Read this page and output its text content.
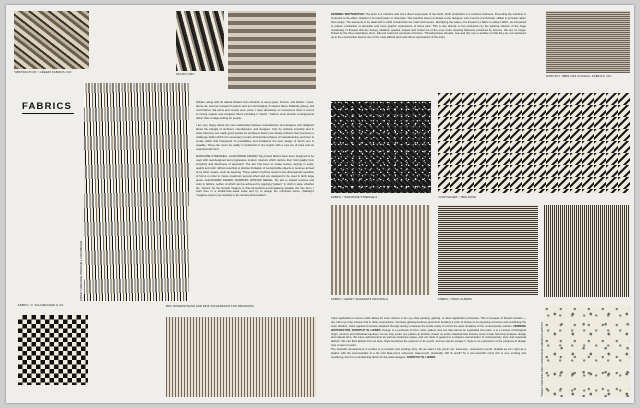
"ABSTRACTION" / GREEFF FABRICS, INC.
PACIFIC MAT
HENNING WATTERSTON: The loom is a machine and not a direct expression of the hand. Cloth production is a machine business. Preceding the machine is irrelevant to the effect, whether it be hand power or otherwise. The machine does not dictate to the designer, who must be a technician, skilled in principle rather than recipe. The elements to be dealt with in cloth construction are color and texture. Identifying the nature of a thread in a fabric is today's fabric, as compared to pattern production of domestic and more graphic expressions of times past. This is due directly to the production by the adoring industry of the huge vocabulary of threads that are bumpy, slubbed, seeded, looped and curled out of the even more weaving filaments produced by science. We are no longer limited by the three strandless, linen, silk and cotton for elements of texture. Throwing these threads, new and old, over a surface so that they are not sectioned up in the construction itself is one of the most difficult and most direct expressions of the loom.
DOROTHY JIBBS FOR GOODALL FABRICS, INC.
FABRICS
FABRIC / MARIANNE STRENGELL / CRANBROOK
brilliant, along with all natural shades from off-white to deep grays, browns, and blacks. I want, above all, textures instead of pattern and an intermingling of various fibers brilliantly glossy, dull mat finishes, flat yarns and novelty spun yarns. I have absolutely no conscience when it comes to mixing organic and inorganic fibers providing it "works." Fabrics must provide a background rather than a stage-setting for people.

I am very happy about the new relationship between manufacturer and designer and delighted about the triangle of architect, manufacturer, and designer. Only by working smoothly and in close harmony can really good textiles be produced. Each new design problem then becomes a challenge within which it is necessary to learn all important phases of manufacturing, and then to create within that framework of possibilities and limitations the best design of which one is capable. There can never be reality in production if one begins with a new set of rules and an experimental mind.

MARIANNE STRENGELL, ALEXANDER GIRARD: My printed fabrics have been designed to be used with well-designed and progressive modern interiors which decline their bold quality from simplicity and directness of approach. The aim has been to create texture varying in scale, quality and color without resorting to obvious limitation of recognizable objects or textures arrived at by other means, such as weaving. These pattern rhythms would a two-dimensional repetition of forms in order to insure maximum textural effect and are designed to be used in fairly large areas. ALEXANDER GIRARD, BARBARA UPSHAW SIEGEL: My aim is toward textures and color in fabrics, neither of which can be achieved by applying "pattern" in cloth in spite, whether the "picture" be the favorite imagery or that all-medium-encompassing arcadia, the free form. I work then in a similar-than-usual scale and try to design the unprinted scene. (Mahaly's "negative space") as carefully in the actual printed pattern.
FABRIC / MARIANNE STRENGELL	"CANTILEVER" / BEN ROSE
FABRIC / HENRY SCHWARTZ ORIGINALS	FABRIC / MARC ALBERS
FABRIC / F. SCHUMACHER & CO.	BOX ROSENSTRAND AND ERIK RICHARDSON FOR BRUNSWIG
Color application to woven cloth allows for more mixture in the eye than painting, glazing, or other application processes. This is because of thread contrast — the color eye may mixture that in other expressions. Intensely glowing textures grow from bending a color of choice to its opposing extremes and combining the color dividers. Color applied to texture obtained through tertiary produces the textile ready to enrich the quiet simplicity of the contemporary surface. HENNING WATTERSTON, DOROTHY W. LIEBES: Design is a synthesis of form, color, pattern and use that cannot be separated into parts. It is a mixture of biological origin, sensory and individual impulses. So we may prefer one pattern to another, based on some characterized instinct, some innate harmony between design and natural form. We have subconscious as well as conscious tastes, and our taste is geared to a sixteens denominator of contemporary style and seasonal fashion. We can flout fashion but not style. Style benefices the essence of an epoch, and we cannot escape it. Style is an expression of the progress of design over a span of years.
The scientific development in textiles is a romantic and exciting story. Do we want it the proof, too: trans-anti-, supersonic period, durable as iron, light as a feather with the incomestable of a far cost fade-proof, soil-proof, water-proof, practically 100 % proof? To a non-scientific mind, this is very exciting and mystifying, but it is a conditioning factor for the artist-designer. DOROTHY W. LIEBES	"TREES" PRINTED LINEN / ASSOCIATED AMERICAN ARTISTS
